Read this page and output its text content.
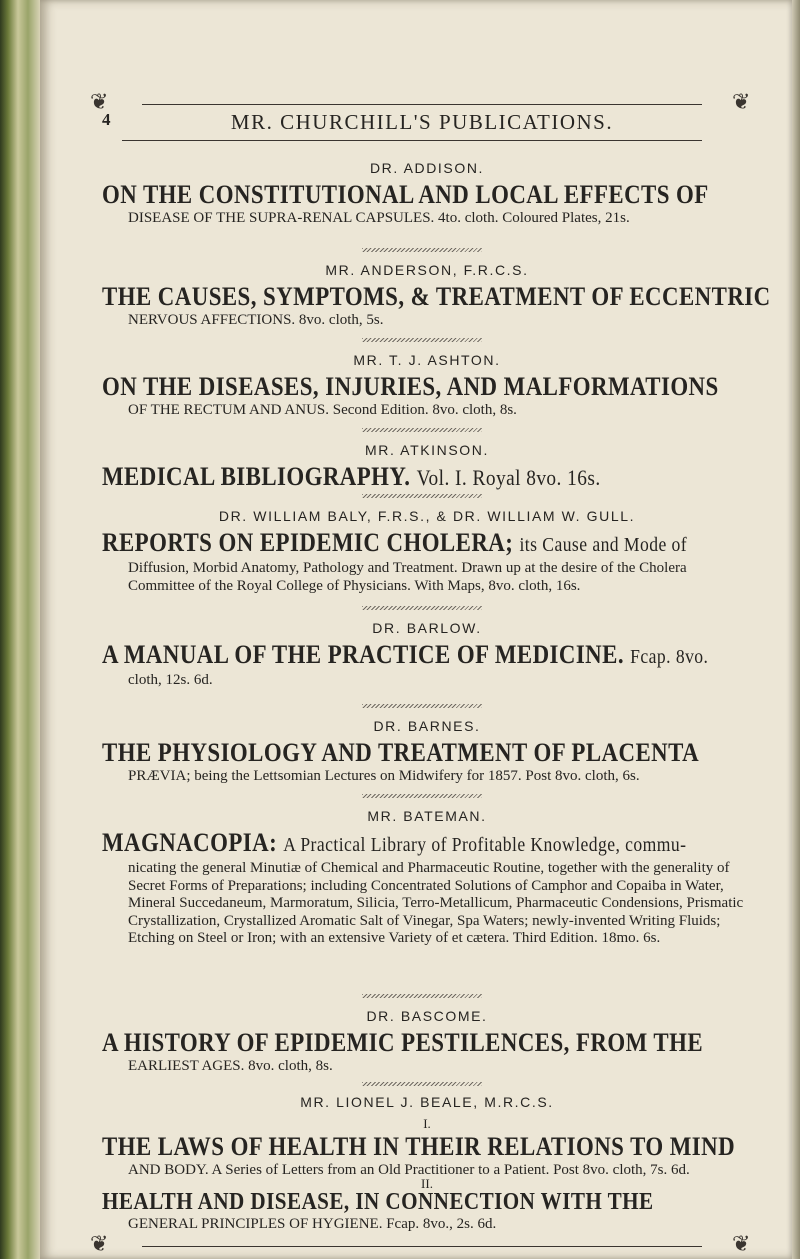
❦	❦
4	MR. CHURCHILL'S PUBLICATIONS.
DR. ADDISON.
ON THE CONSTITUTIONAL AND LOCAL EFFECTS OF
DISEASE OF THE SUPRA-RENAL CAPSULES. 4to. cloth. Coloured Plates, 21s.
MR. ANDERSON, F.R.C.S.
THE CAUSES, SYMPTOMS, & TREATMENT OF ECCENTRIC
NERVOUS AFFECTIONS. 8vo. cloth, 5s.
MR. T. J. ASHTON.
ON THE DISEASES, INJURIES, AND MALFORMATIONS
OF THE RECTUM AND ANUS. Second Edition. 8vo. cloth, 8s.
MR. ATKINSON.
MEDICAL BIBLIOGRAPHY. Vol. I. Royal 8vo. 16s.
DR. WILLIAM BALY, F.R.S., & DR. WILLIAM W. GULL.
REPORTS ON EPIDEMIC CHOLERA; its Cause and Mode of
Diffusion, Morbid Anatomy, Pathology and Treatment. Drawn up at the desire of the Cholera Committee of the Royal College of Physicians. With Maps, 8vo. cloth, 16s.
DR. BARLOW.
A MANUAL OF THE PRACTICE OF MEDICINE. Fcap. 8vo.
cloth, 12s. 6d.
DR. BARNES.
THE PHYSIOLOGY AND TREATMENT OF PLACENTA
PRÆVIA; being the Lettsomian Lectures on Midwifery for 1857. Post 8vo. cloth, 6s.
MR. BATEMAN.
MAGNACOPIA: A Practical Library of Profitable Knowledge, commu-
nicating the general Minutiæ of Chemical and Pharmaceutic Routine, together with the generality of Secret Forms of Preparations; including Concentrated Solutions of Camphor and Copaiba in Water, Mineral Succedaneum, Marmoratum, Silicia, Terro-Metallicum, Pharmaceutic Condensions, Prismatic Crystallization, Crystallized Aromatic Salt of Vinegar, Spa Waters; newly-invented Writing Fluids; Etching on Steel or Iron; with an extensive Variety of et cætera. Third Edition. 18mo. 6s.
DR. BASCOME.
A HISTORY OF EPIDEMIC PESTILENCES, FROM THE
EARLIEST AGES. 8vo. cloth, 8s.
MR. LIONEL J. BEALE, M.R.C.S.
I.
THE LAWS OF HEALTH IN THEIR RELATIONS TO MIND
AND BODY. A Series of Letters from an Old Practitioner to a Patient. Post 8vo. cloth, 7s. 6d.
❦	❦
II.
HEALTH AND DISEASE, IN CONNECTION WITH THE
GENERAL PRINCIPLES OF HYGIENE. Fcap. 8vo., 2s. 6d.
